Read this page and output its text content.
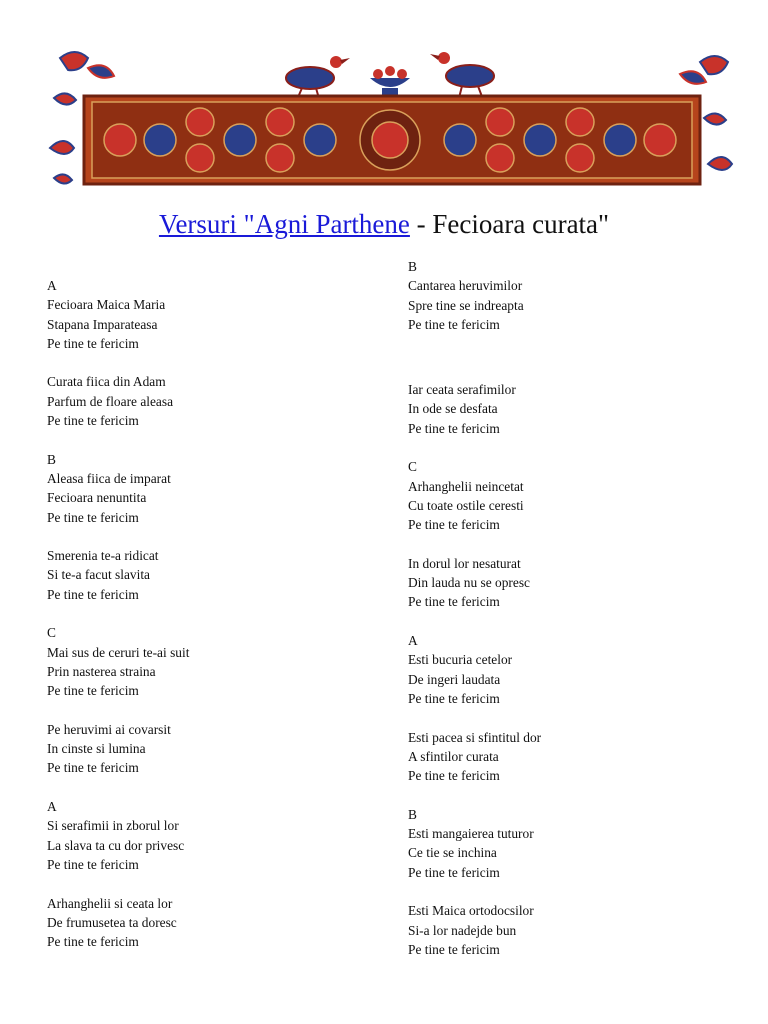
Versuri "Agni Parthene - Fecioara curata"
A
Fecioara Maica Maria
Stapana Imparateasa
Pe tine te fericim
Curata fiica din Adam
Parfum de floare aleasa
Pe tine te fericim
B
Aleasa fiica de imparat
Fecioara nenuntita
Pe tine te fericim
Smerenia te-a ridicat
Si te-a facut slavita
Pe tine te fericim
C
Mai sus de ceruri te-ai suit
Prin nasterea straina
Pe tine te fericim
Pe heruvimi ai covarsit
In cinste si lumina
Pe tine te fericim
A
Si serafimii in zborul lor
La slava ta cu dor privesc
Pe tine te fericim
Arhanghelii si ceata lor
De frumusetea ta doresc
Pe tine te fericim
B
Cantarea heruvimilor
Spre tine se indreapta
Pe tine te fericim
Iar ceata serafimilor
In ode se desfata
Pe tine te fericim
C
Arhanghelii neincetat
Cu toate ostile ceresti
Pe tine te fericim
In dorul lor nesaturat
Din lauda nu se opresc
Pe tine te fericim
A
Esti bucuria cetelor
De ingeri laudata
Pe tine te fericim
Esti pacea si sfintitul dor
A sfintilor curata
Pe tine te fericim
B
Esti mangaierea tuturor
Ce tie se inchina
Pe tine te fericim
Esti Maica ortodocsilor
Si-a lor nadejde bun
Pe tine te fericim
